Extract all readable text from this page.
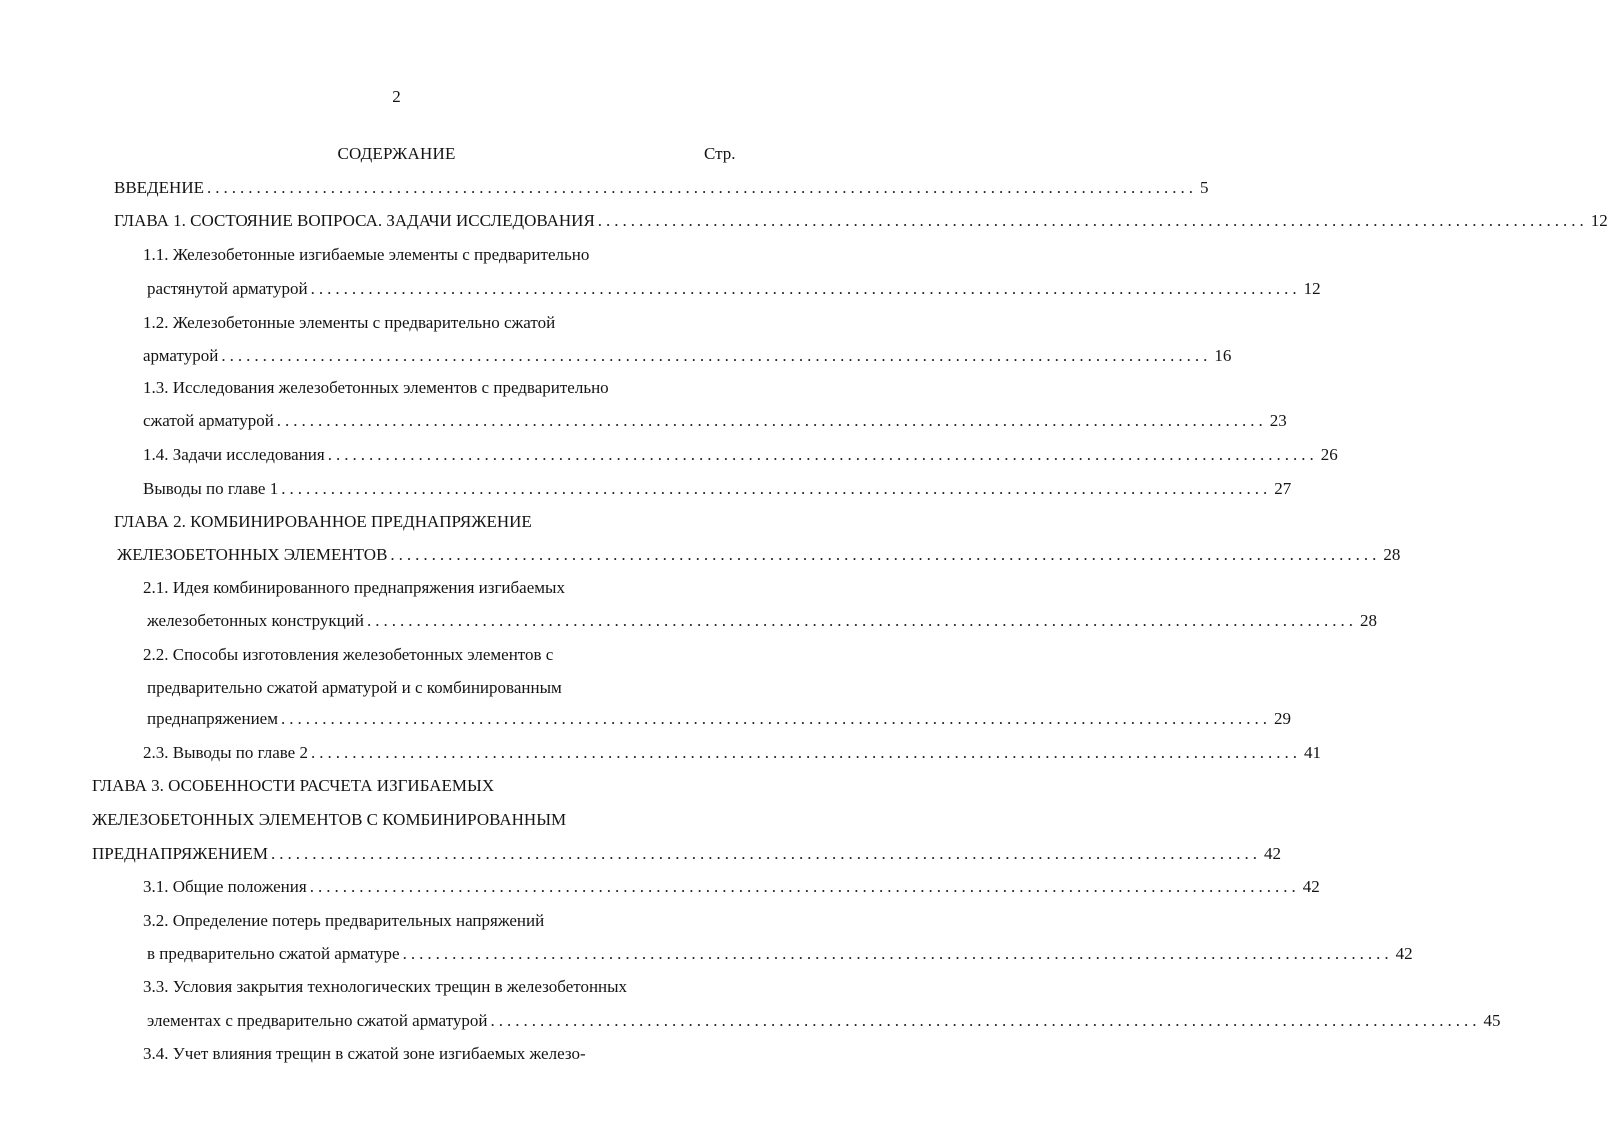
2
СОДЕРЖАНИЕ	Стр.
ВВЕДЕНИЕ ........................................................................................................................ 5
ГЛАВА 1. СОСТОЯНИЕ ВОПРОСА. ЗАДАЧИ ИССЛЕДОВАНИЯ ........................................................................................................................ 12
1.1. Железобетонные изгибаемые элементы с предварительно
растянутой арматурой ........................................................................................................................ 12
1.2. Железобетонные элементы с предварительно сжатой
арматурой ........................................................................................................................ 16
1.3. Исследования железобетонных элементов с предварительно
сжатой арматурой ........................................................................................................................ 23
1.4. Задачи исследования ........................................................................................................................ 26
Выводы по главе 1 ........................................................................................................................ 27
ГЛАВА 2. КОМБИНИРОВАННОЕ ПРЕДНАПРЯЖЕНИЕ
ЖЕЛЕЗОБЕТОННЫХ ЭЛЕМЕНТОВ ........................................................................................................................ 28
2.1. Идея комбинированного преднапряжения изгибаемых
железобетонных конструкций ........................................................................................................................ 28
2.2. Способы изготовления железобетонных элементов с
предварительно сжатой арматурой и с комбинированным
преднапряжением ........................................................................................................................ 29
2.3. Выводы по главе 2 ........................................................................................................................ 41
ГЛАВА 3. ОСОБЕННОСТИ РАСЧЕТА ИЗГИБАЕМЫХ
ЖЕЛЕЗОБЕТОННЫХ ЭЛЕМЕНТОВ С КОМБИНИРОВАННЫМ
ПРЕДНАПРЯЖЕНИЕМ ........................................................................................................................ 42
3.1. Общие положения ........................................................................................................................ 42
3.2. Определение потерь предварительных напряжений
в предварительно сжатой арматуре ........................................................................................................................ 42
3.3. Условия закрытия технологических трещин в железобетонных
элементах с предварительно сжатой арматурой ........................................................................................................................ 45
3.4. Учет влияния трещин в сжатой зоне изгибаемых железо-
